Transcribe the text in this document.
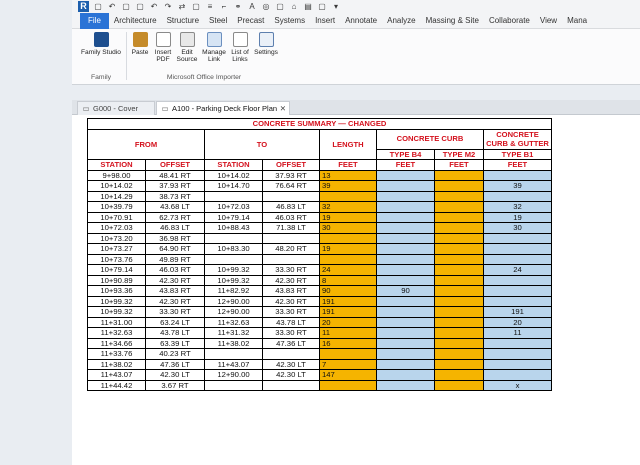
R ▢ ↶ ▢ ▢ ↶ ↷ ⇄ ▢ ≡	⌐	⚭ A ◎ ▢ ⌂ ▤ ▢	▾
File	Architecture	Structure	Steel	Precast	Systems	Insert	Annotate	Analyze	Massing & Site	Collaborate	View	Mana
Family Studio	Paste Insert
PDF
Edit
Source
Manage
Link
List of
Links
Settings
Family	Microsoft Office Importer
▭ G000 - Cover	▭ A100 - Parking Deck Floor Plan ✕
CONCRETE SUMMARY — CHANGED							
FROM		TO		LENGTH	CONCRETE CURB		CONCRETE CURB & GUTTER
					TYPE B4	TYPE M2	TYPE B1
STATION	OFFSET	STATION	OFFSET	FEET	FEET	FEET	FEET
9+98.00	48.41 RT	10+14.02	37.93 RT	13			
10+14.02	37.93 RT	10+14.70	76.64 RT	39			39
10+14.29	38.73 RT						
10+39.79	43.68 LT	10+72.03	46.83 LT	32			32
10+70.91	62.73 RT	10+79.14	46.03 RT	19			19
10+72.03	46.83 LT	10+88.43	71.38 LT	30			30
10+73.20	36.98 RT						
10+73.27	64.90 RT	10+83.30	48.20 RT	19			
10+73.76	49.89 RT						
10+79.14	46.03 RT	10+99.32	33.30 RT	24			24
10+90.89	42.30 RT	10+99.32	42.30 RT	8			
10+93.36	43.83 RT	11+82.92	43.83 RT	90	90		
10+99.32	42.30 RT	12+90.00	42.30 RT	191			
10+99.32	33.30 RT	12+90.00	33.30 RT	191			191
11+31.00	63.24 LT	11+32.63	43.78 LT	20			20
11+32.63	43.78 LT	11+31.32	33.30 RT	11			11
11+34.66	63.39 LT	11+38.02	47.36 LT	16			
11+33.76	40.23 RT						
11+38.02	47.36 LT	11+43.07	42.30 LT	7			
11+43.07	42.30 LT	12+90.00	42.30 LT	147			
11+44.42	3.67 RT						x
